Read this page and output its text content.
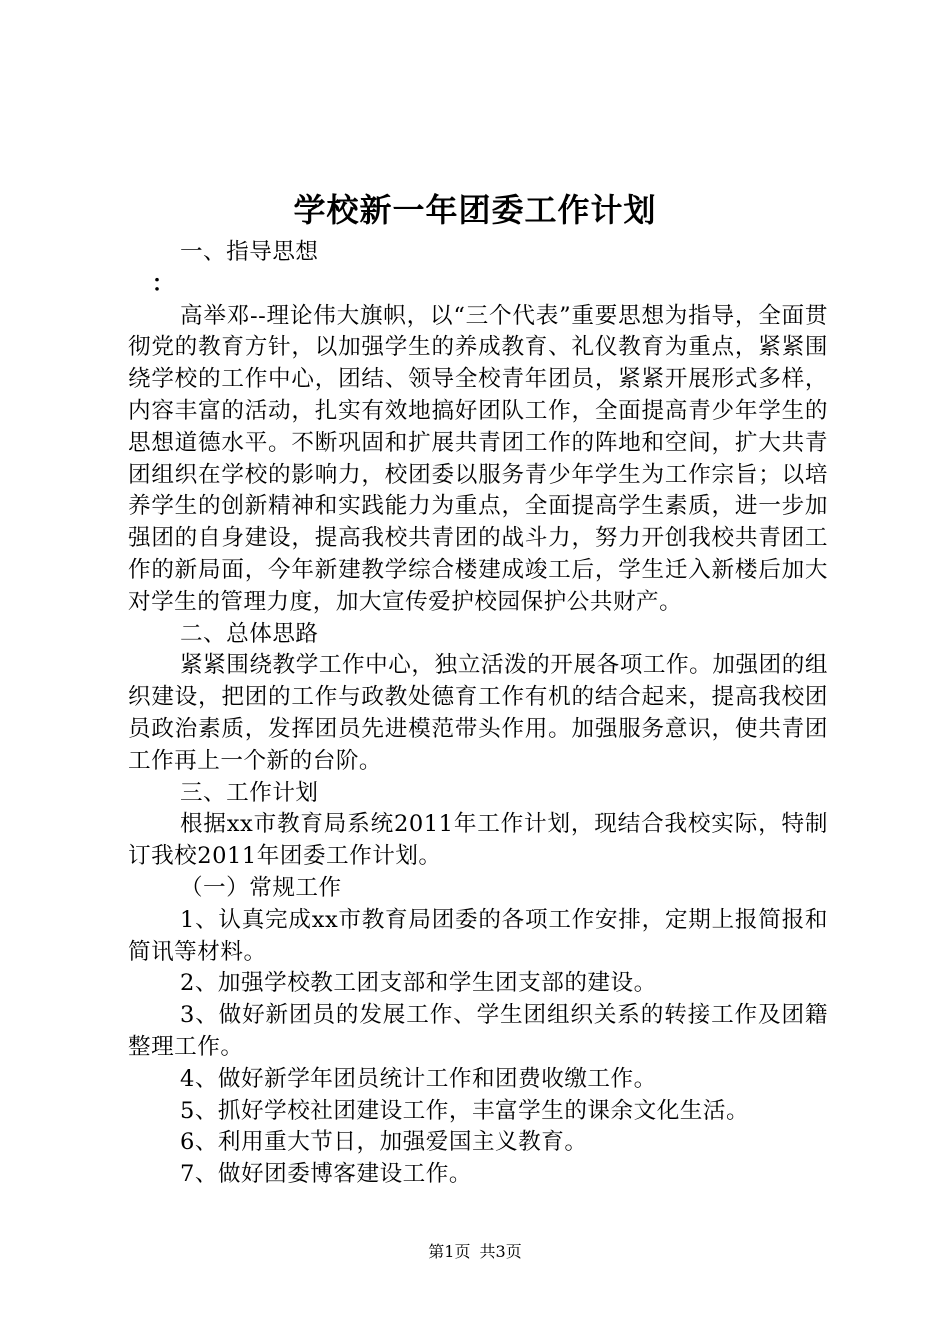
学校新一年团委工作计划

一、指导思想

：

高举邓--理论伟大旗帜，以“三个代表”重要思想为指导，全面贯彻党的教育方针，以加强学生的养成教育、礼仪教育为重点，紧紧围绕学校的工作中心，团结、领导全校青年团员，紧紧开展形式多样，内容丰富的活动，扎实有效地搞好团队工作，全面提高青少年学生的思想道德水平。不断巩固和扩展共青团工作的阵地和空间，扩大共青团组织在学校的影响力，校团委以服务青少年学生为工作宗旨；以培养学生的创新精神和实践能力为重点，全面提高学生素质，进一步加强团的自身建设，提高我校共青团的战斗力，努力开创我校共青团工作的新局面，今年新建教学综合楼建成竣工后，学生迁入新楼后加大对学生的管理力度，加大宣传爱护校园保护公共财产。

二、总体思路

紧紧围绕教学工作中心，独立活泼的开展各项工作。加强团的组织建设，把团的工作与政教处德育工作有机的结合起来，提高我校团员政治素质，发挥团员先进模范带头作用。加强服务意识，使共青团工作再上一个新的台阶。

三、工作计划

根据xx市教育局系统2011年工作计划，现结合我校实际，特制订我校2011年团委工作计划。

（一）常规工作

1、认真完成xx市教育局团委的各项工作安排，定期上报简报和简讯等材料。

2、加强学校教工团支部和学生团支部的建设。

3、做好新团员的发展工作、学生团组织关系的转接工作及团籍整理工作。

4、做好新学年团员统计工作和团费收缴工作。

5、抓好学校社团建设工作，丰富学生的课余文化生活。

6、利用重大节日，加强爱国主义教育。

7、做好团委博客建设工作。

第1页 共3页
